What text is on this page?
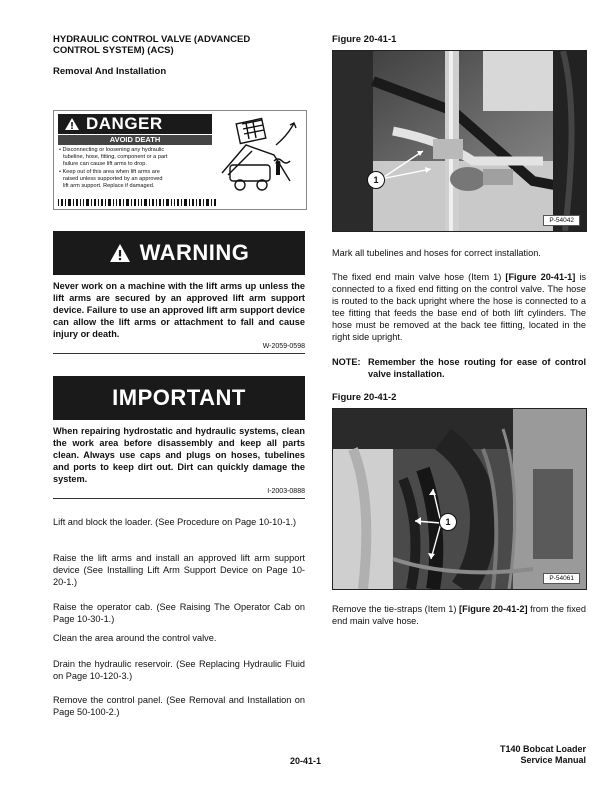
HYDRAULIC CONTROL VALVE (ADVANCED
CONTROL SYSTEM) (ACS)
Removal And Installation
DANGER
AVOID DEATH
• Disconnecting or loosening any hydraulic
tubeline, hose, fitting, component or a part
failure can cause lift arms to drop.
• Keep out of this area when lift arms are
raised unless supported by an approved
lift arm support. Replace if damaged.
WARNING

Never work on a machine with the lift arms up unless the lift arms are secured by an approved lift arm support device. Failure to use an approved lift arm support device can allow the lift arms or attachment to fall and cause injury or death.

W-2059-0598
IMPORTANT

When repairing hydrostatic and hydraulic systems, clean the work area before disassembly and keep all parts clean. Always use caps and plugs on hoses, tubelines and ports to keep dirt out. Dirt can quickly damage the system.

I-2003-0888

Lift and block the loader. (See Procedure on Page 10-10-1.)

Raise the lift arms and install an approved lift arm support device (See Installing Lift Arm Support Device on Page 10-20-1.)

Raise the operator cab. (See Raising The Operator Cab on Page 10-30-1.)

Clean the area around the control valve.

Drain the hydraulic reservoir. (See Replacing Hydraulic Fluid on Page 10-120-3.)

Remove the control panel. (See Removal and Installation on Page 50-100-2.)

Figure 20-41-1
1
P-54042

Mark all tubelines and hoses for correct installation.

The fixed end main valve hose (Item 1) [Figure 20-41-1] is connected to a fixed end fitting on the control valve. The hose is routed to the back upright where the hose is connected to a tee fitting that feeds the base end of both lift cylinders. The hose must be removed at the back tee fitting, located in the right side upright.

NOTE: Remember the hose routing for ease of control valve installation.
Figure 20-41-2
1
P-54061

Remove the tie-straps (Item 1) [Figure 20-41-2] from the fixed end main valve hose.

20-41-1
T140 Bobcat Loader
Service Manual
